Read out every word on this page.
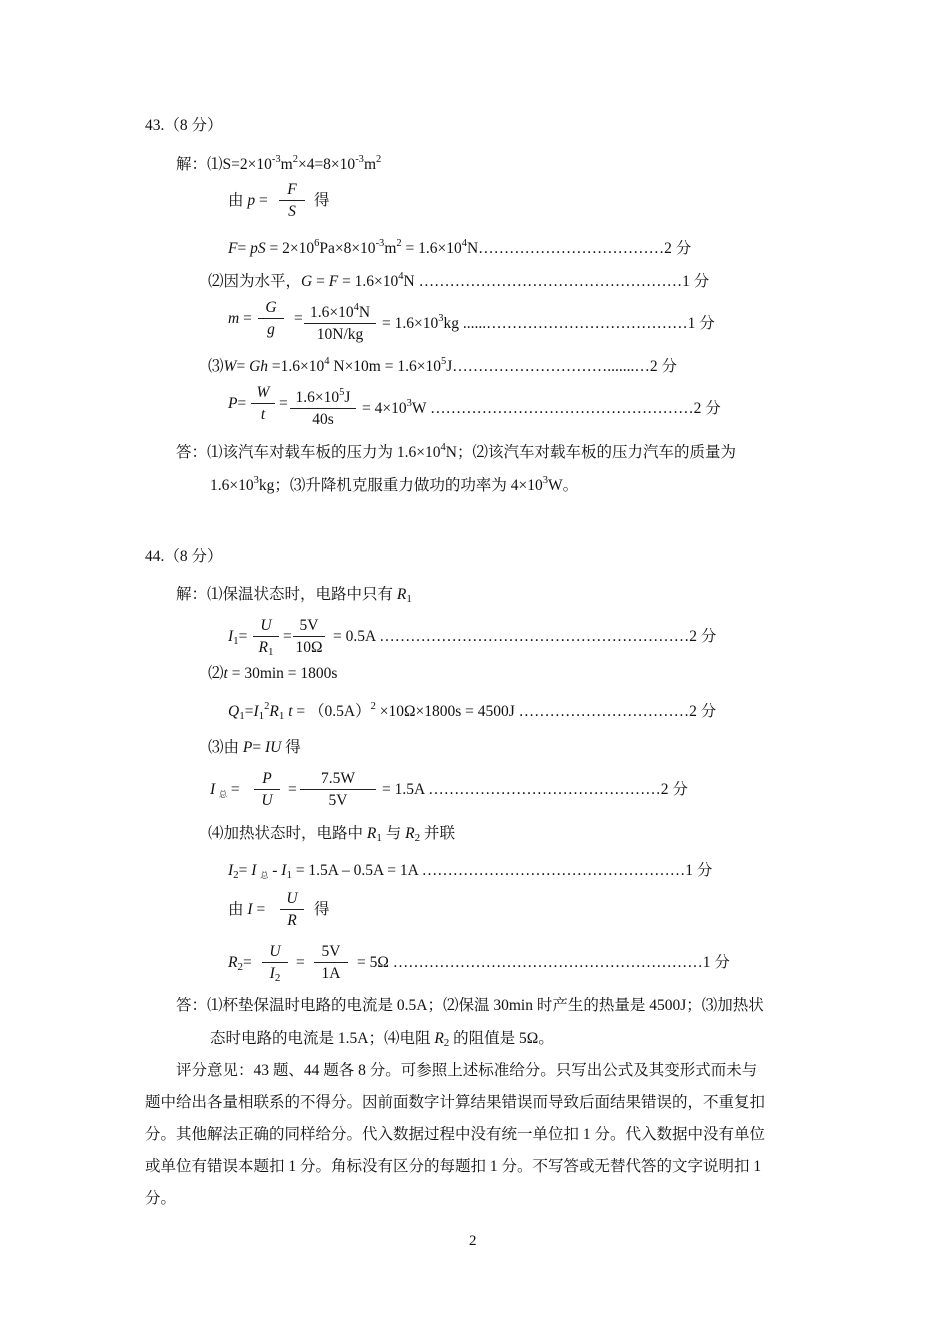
43.（8 分）
解：$⑴S=2\times 10^{-3}m^2\times 4=8\times 10^{-3}m^2$
由 p =
F
S
得
F= pS = $2\times 10^6Pa\times 8\times 10^{-3}m^2$ = $1.6\times 10^4N\dots\dots\dots\dots\dots\dots\dots\dots\dots\dots\dots\dots 2$ 分
⑵因为水平，$G = F = 1.6\times 10^4N$ ……………………………………………1 分
m =
G
g
= $1.6\times 10^4N$
10N/kg
= $1.6\times 10^3kg$ ......…………………………………1 分
⑶W= $Gh =1.6\times 10^4$ $N\times 10m = 1.6\times 10^5J\dots\dots\dots\dots\dots\dots\dots\dots\dots\dots.......\dots 2$ 分
P=
W
t
= $1.6\times 10^5J$
40s
= $4\times 10^3W$ ……………………………………………2 分
答：⑴该汽车对载车板的压力为 $1.6\times 10^4N$；⑵该汽车对载车板的压力汽车的质量为
$1.6\times 10^3kg$；⑶升降机克服重力做功的功率为 $4\times 10^3W$。
44.（8 分）
解：⑴保温状态时，电路中只有 $R_1$
$I_1=$
U
$R_1$
=
5V
10Ω
= 0.5A ……………………………………………………2 分
⑵t = 30min = 1800s
$Q_1=I_1^2R_1$ $t = (0.5A)^2 \times 10\Omega\times 1800s = 4500J$ ……………………………2 分
⑶由 P= IU 得
I 总 =
P
U
=
7.5W
5V
= 1.5A ………………………………………2 分
⑷加热状态时，电路中 $R_1$ 与 $R_2$ 并联
$I_2= I$ 总 - $I_1 = 1.5A - 0.5A = 1A$ ……………………………………………1 分
由 I =
U
R
得
$R_2=$
U
$I_2$
=
5V
1A
= 5Ω ……………………………………………………1 分
答：⑴杯垫保温时电路的电流是 0.5A；⑵保温 30min 时产生的热量是 4500J；⑶加热状
态时电路的电流是 1.5A；⑷电阻 $R_2$ 的阻值是 5Ω。
评分意见：43 题、44 题各 8 分。可参照上述标准给分。只写出公式及其变形式而未与
题中给出各量相联系的不得分。因前面数字计算结果错误而导致后面结果错误的，不重复扣
分。其他解法正确的同样给分。代入数据过程中没有统一单位扣 1 分。代入数据中没有单位
或单位有错误本题扣 1 分。角标没有区分的每题扣 1 分。不写答或无替代答的文字说明扣 1
分。
2
